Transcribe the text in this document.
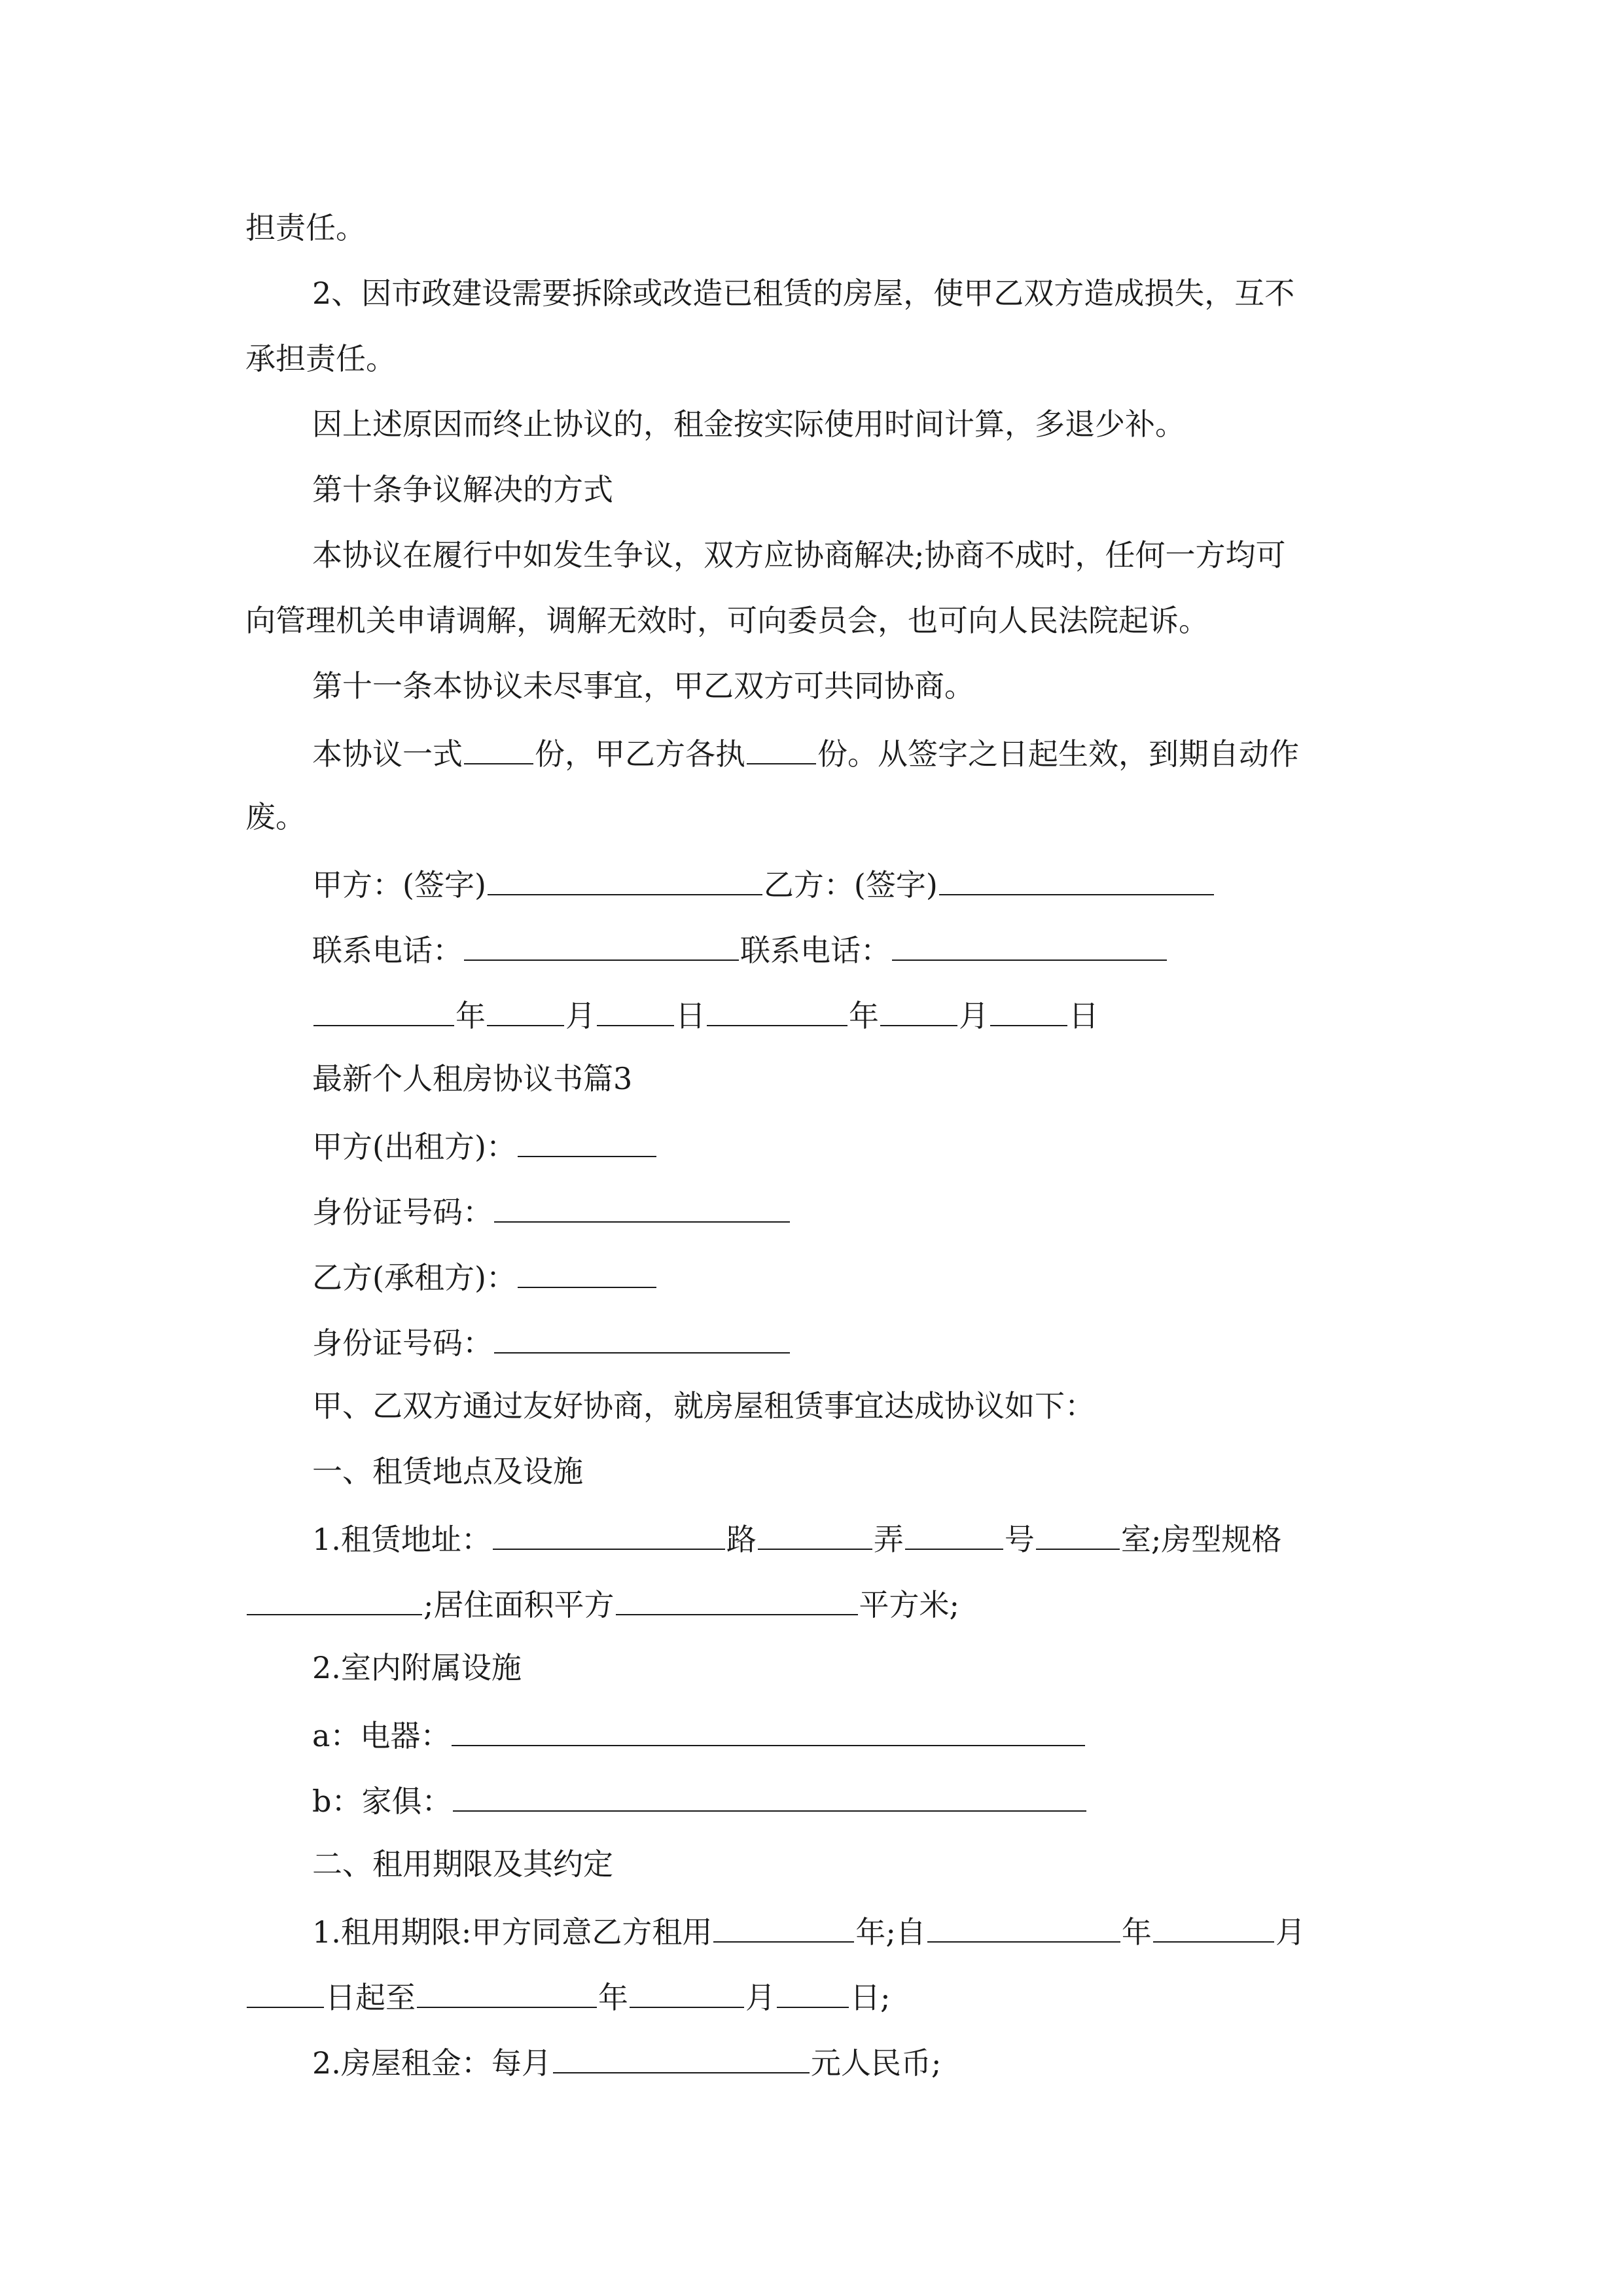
担责任。
2、因市政建设需要拆除或改造已租赁的房屋，使甲乙双方造成损失，互不
承担责任。
因上述原因而终止协议的，租金按实际使用时间计算，多退少补。
第十条争议解决的方式
本协议在履行中如发生争议，双方应协商解决;协商不成时，任何一方均可
向管理机关申请调解，调解无效时，可向委员会，也可向人民法院起诉。
第十一条本协议未尽事宜，甲乙双方可共同协商。
本协议一式 份，甲乙方各执 份。从签字之日起生效，到期自动作
废。
甲方：(签字)	乙方：(签字)
联系电话：	联系电话：
年	月	日	年	月	日
最新个人租房协议书篇3
甲方(出租方)：
身份证号码：
乙方(承租方)：
身份证号码：
甲、乙双方通过友好协商，就房屋租赁事宜达成协议如下：
一、租赁地点及设施
1.租赁地址：	路	弄	号	室;房型规格
;居住面积平方	平方米;
2.室内附属设施
a：电器：
b：家俱：
二、租用期限及其约定
1.租用期限:甲方同意乙方租用	年;自	年	月
日起至	年	月 日;
2.房屋租金：每月	元人民币;
